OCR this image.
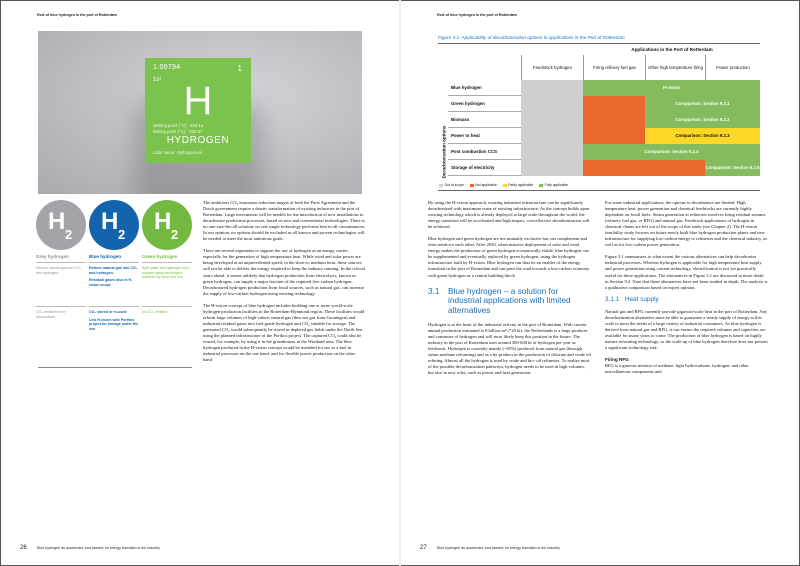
Role of blue hydrogen in the port of Rotterdam
1.00794	1
1s¹ H
Melting point (°C): -259.14
Boiling point (°C): -252.87
HYDROGEN
Latin name: Hydrogenium
H 2 H 2 H 2
Grey hydrogen

Reform natural gas into CO₂ and hydrogen.

CO₂ emitted in the atmosphere.

Blue hydrogen

Reform natural gas into CO₂ and hydrogen.

Residual gases also in H-vision scope

CO₂ stored or re-used

Link H-vision with Porthos project for storage under the sea

Green hydrogen

Split water into hydrogen and oxygen using electrolysis powered by wind and sun

No CO₂ emitted

The ambitious CO₂ emissions reduction targets of both the Paris Agreement and the Dutch government require a drastic transformation of existing industries in the port of Rotterdam. Large investments will be needed for the introduction of new installations to decarbonize production processes, based on new and conventional technologies. There is no one-size-fits-all solution; no one single technology performs best in all circumstances. In our opinion, no options should be excluded as all known and proven technologies will be needed to meet the most ambitious goals.

There are several arguments to support the use of hydrogen as an energy carrier, especially for the generation of high temperature heat. While wind and solar power are being developed at an unprecedented speed, in the short-to medium term, these sources will not be able to deliver the energy required to keep the industry running. In the critical years ahead, it seems unlikely that hydrogen production from electrolysis, known as green hydrogen, can supply a major fraction of the required low-carbon hydrogen. Decarbonized hydrogen production from fossil sources, such as natural gas, can increase the supply of low-carbon hydrogen using existing technology.

The H-vision concept of blue hydrogen includes building one or more world-scale hydrogen production facilities in the Rotterdam-Rijnmond region. These facilities would reform large volumes of high-caloric natural gas (thus not gas from Groningen) and industrial residual gases into fuel-grade hydrogen and CO₂ suitable for storage. The generated CO₂ would subsequently be stored in depleted gas fields under the North Sea using the planned infrastructure of the Porthos project. The captured CO₂ could also be reused, for example, by using it in the greenhouses in the Westland area. The blue hydrogen produced in the H-vision concept would be intended for use as a fuel in industrial processes on the one hand, and for flexible power production on the other hand.

26	Blue hydrogen as accelerator and pioneer for energy transition in the industry
Role of blue hydrogen in the port of Rotterdam
27	Blue hydrogen as accelerator and pioneer for energy transition in the industry
Figure 3.1: Applicability of decarbonisation options to applications in the Port of Rotterdam
Applications in the Port of Rotterdam
Feedstock hydrogen	Firing refinery fuel gas	Other high temperature firing	Power production
Decarbonisation options
Blue hydrogen	H-vision
Green hydrogen	Comparison: Section 9.2.1
Biomass	Comparison: Section 9.2.2
Power to heat	Comparison: Section 9.2.3
Post combustion CCS	Comparison: Section 9.2.4
Storage of electricity	Comparison: Section 9.2.5
Out of scope	Not applicable	Partly applicable	Fully applicable

By using the H-vision approach, existing industrial infrastructure can be significantly decarbonized with maximum reuse of existing infrastructure. As the concept builds upon existing technology which is already deployed at large scale throughout the world, the energy transition will be accelerated and high impact, cost-effective decarbonization will be achieved.

Blue hydrogen and green hydrogen are not mutually exclusive but can complement and even reinforce each other. After 2030, when massive deployment of solar and wind energy makes the production of green hydrogen economically viable, blue hydrogen can be supplemented and eventually replaced by green hydrogen, using the hydrogen infrastructure built by H-vision. Blue hydrogen can thus be an enabler of the energy transition in the port of Rotterdam and can pave the road towards a low-carbon economy with green hydrogen as a central building block.

3.1	Blue hydrogen – a solution for industrial applications with limited alternatives

Hydrogen is at the heart of the industrial activity in the port of Rotterdam. With current annual production estimated at 8 billion m³ (720 kt), the Netherlands is a large producer and consumer of hydrogen and will most likely keep this position in the future. The industry in the port of Rotterdam uses around 300-600 kt of hydrogen per year as feedstock. Hydrogen is currently mainly (~85%) produced from natural gas (through steam methane reforming) and as a by-product in the production of chlorine and crude oil refining. Almost all the hydrogen is used by crude and bio- oil refineries. To realize most of the possible decarbonization pathways, hydrogen needs to be used in high volumes, but also in new roles, such as power and heat generation.

For some industrial applications, the options to decarbonize are limited. High temperature heat, power generation and chemical feedstocks are currently highly dependent on fossil fuels. Steam generation at refineries involves firing residual streams (refinery fuel gas, or RFG) and natural gas. Feedstock applications of hydrogen in chemical chains are left out of the scope of this study (see Chapter 2). The H-vision feasibility study focuses on future newly built blue hydrogen production plants and new infrastructure for supplying low-carbon energy to refineries and the chemical industry, as well as for low-carbon power generation.

Figure 3.1 summarizes to what extent the various alternatives can help decarbonize industrial processes. Whereas hydrogen is applicable for high temperature heat supply and power generation using current technology, electrification is not yet practically useful for these applications. The alternatives in Figure 3.1 are discussed in more detail in Section 9.2. Note that these alternatives have not been studied in depth. The analysis is a qualitative comparison based on expert opinion.

3.1.1 Heat supply

Natural gas and RFG currently provide gigawatt-scale heat in the port of Rotterdam. Any decarbonization alternative must be able to guarantee a steady supply of energy at this scale to meet the needs of a large variety of industrial consumers. As blue hydrogen is derived from natural gas and RFG, it can ensure the required volumes and capacities are available for many years to come. The production of blue hydrogen is based on highly mature reforming technology, so the scale-up of blue hydrogen therefore does not present a significant technology risk.

Firing RFG

RFG is a gaseous mixture of methane, light hydrocarbons, hydrogen, and other miscellaneous components and
